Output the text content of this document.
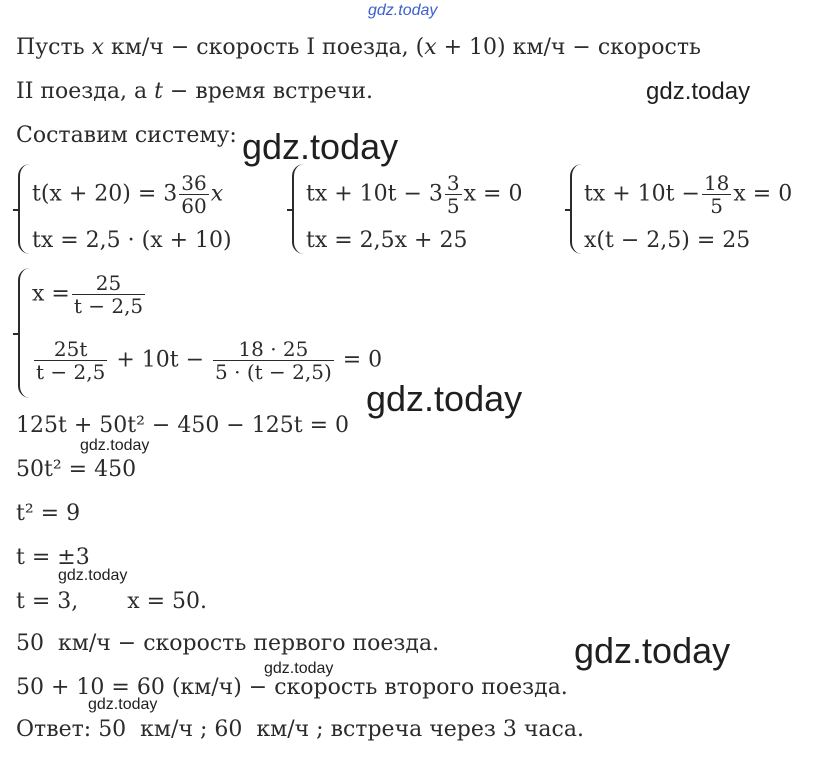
gdz.today
gdz.today
gdz.today
gdz.today
gdz.today
gdz.today
gdz.today
gdz.today
gdz.today
Пусть x км/ч − скорость I поезда, (x + 10) км/ч − скорость
II поезда, а t − время встречи.
Составим систему:
$t(x + 20) = 3 \frac{36}{60}$ x
tx = 2,5 · (x + 10)
tx + $10t - 3 \frac{3}{5}$ x = 0
tx = 2,5x + 25
tx + $10t - \frac{18}{5}$ x = 0
x(t − 2,5) = 25
$x = \frac{25}{t - 2,5}$
$\frac{25t}{t - 2,5} + 10t - \frac{18 \cdot 25}{5 \cdot (t - 2,5)} = 0$
125t + 50t² − 450 − 125t = 0
50t² = 450
t² = 9
t = ±3
t = 3,       x = 50.
50  км/ч − скорость первого поезда.
50 + 10 = 60 (км/ч) − скорость второго поезда.
Ответ: 50  км/ч ; 60  км/ч ; встреча через 3 часа.
